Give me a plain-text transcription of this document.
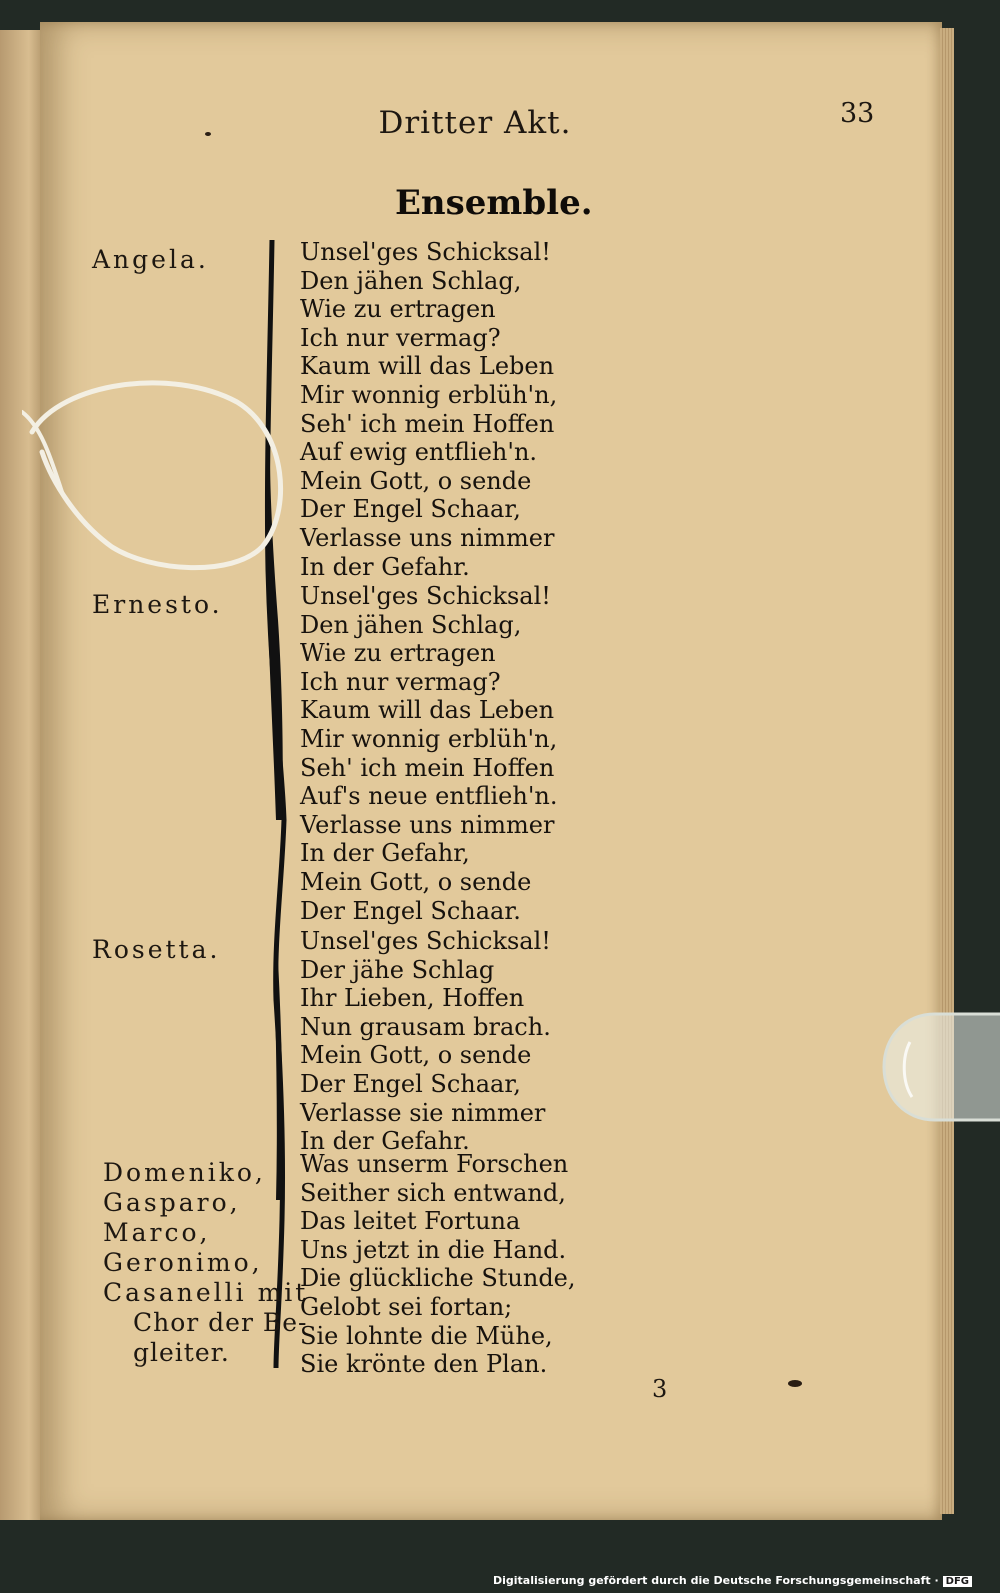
Dritter Akt.	33
Ensemble.
Angela.	Unsel'ges Schicksal!
Den jähen Schlag,
Wie zu ertragen
Ich nur vermag?
Kaum will das Leben
Mir wonnig erblüh'n,
Seh' ich mein Hoffen
Auf ewig entflieh'n.
Mein Gott, o sende
Der Engel Schaar,
Verlasse uns nimmer
In der Gefahr.
Ernesto.	Unsel'ges Schicksal!
Den jähen Schlag,
Wie zu ertragen
Ich nur vermag?
Kaum will das Leben
Mir wonnig erblüh'n,
Seh' ich mein Hoffen
Auf's neue entflieh'n.
Verlasse uns nimmer
In der Gefahr,
Mein Gott, o sende
Der Engel Schaar.
Rosetta.	Unsel'ges Schicksal!
Der jähe Schlag
Ihr Lieben, Hoffen
Nun grausam brach.
Mein Gott, o sende
Der Engel Schaar,
Verlasse sie nimmer
In der Gefahr.
Domeniko,
Gasparo,
Marco,
Geronimo,
Casanelli mit
Chor der Be-
gleiter.
Was unserm Forschen
Seither sich entwand,
Das leitet Fortuna
Uns jetzt in die Hand.
Die glückliche Stunde,
Gelobt sei fortan;
Sie lohnte die Mühe,
Sie krönte den Plan.
3
Digitalisierung gefördert durch die Deutsche Forschungsgemeinschaft · DFG
